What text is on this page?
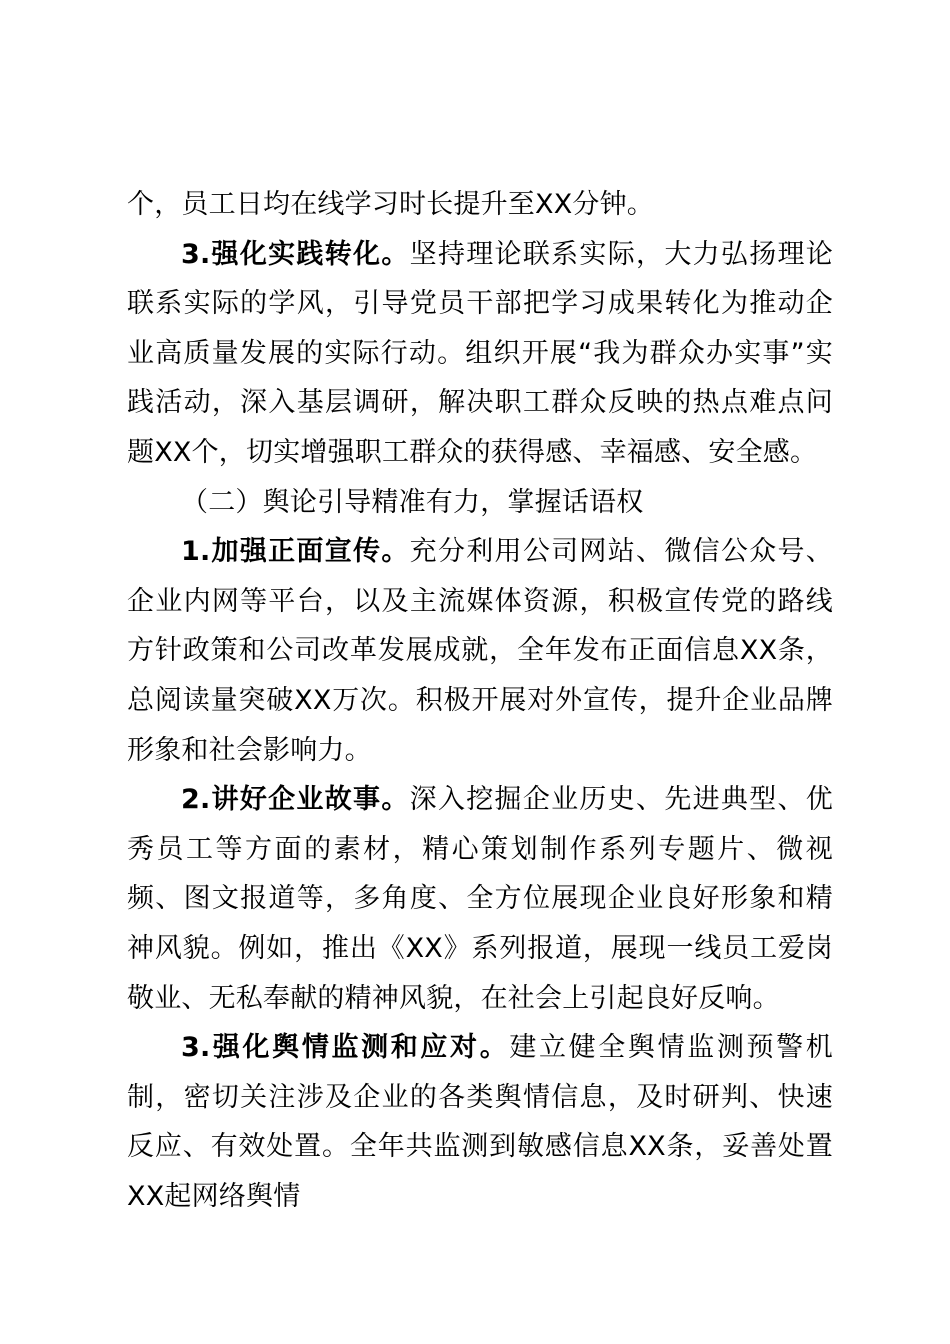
个，员工日均在线学习时长提升至XX分钟。

3.强化实践转化。坚持理论联系实际，大力弘扬理论联系实际的学风，引导党员干部把学习成果转化为推动企业高质量发展的实际行动。组织开展“我为群众办实事”实践活动，深入基层调研，解决职工群众反映的热点难点问题XX个，切实增强职工群众的获得感、幸福感、安全感。

（二）舆论引导精准有力，掌握话语权

1.加强正面宣传。充分利用公司网站、微信公众号、企业内网等平台，以及主流媒体资源，积极宣传党的路线方针政策和公司改革发展成就，全年发布正面信息XX条，总阅读量突破XX万次。积极开展对外宣传，提升企业品牌形象和社会影响力。

2.讲好企业故事。深入挖掘企业历史、先进典型、优秀员工等方面的素材，精心策划制作系列专题片、微视频、图文报道等，多角度、全方位展现企业良好形象和精神风貌。例如，推出《XX》系列报道，展现一线员工爱岗敬业、无私奉献的精神风貌，在社会上引起良好反响。

3.强化舆情监测和应对。建立健全舆情监测预警机制，密切关注涉及企业的各类舆情信息，及时研判、快速反应、有效处置。全年共监测到敏感信息XX条，妥善处置XX起网络舆情
